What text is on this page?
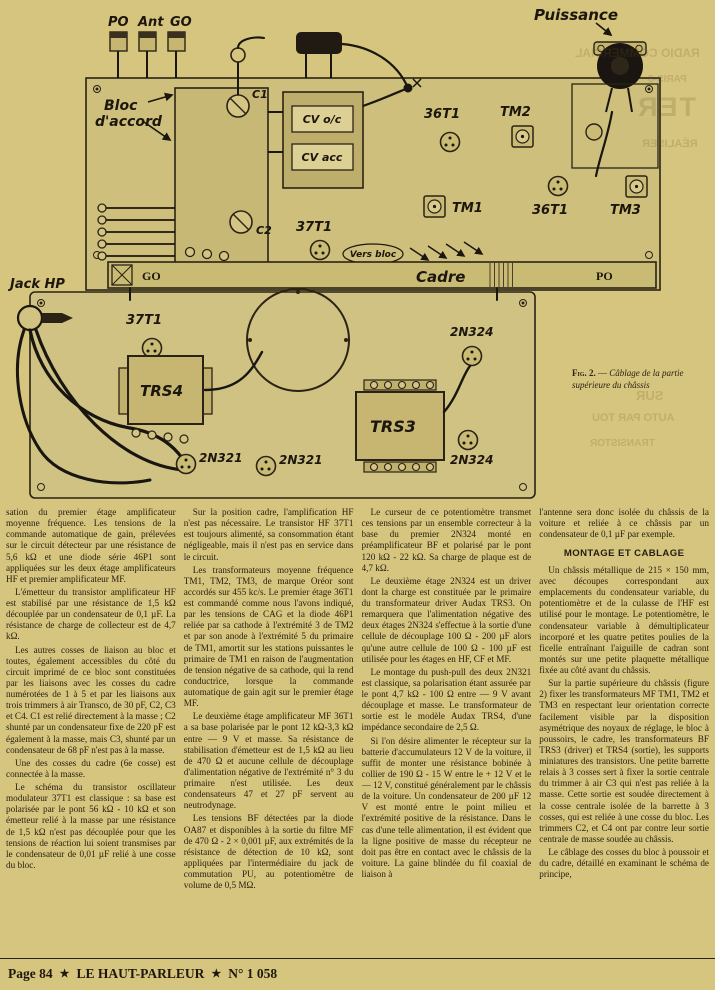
PO Ant GO	Puissance
Bloc
d'accord
C1
C2
CV o/c
CV acc
36T1	TM2
TM1	36T1	TM3
37T1
Vers bloc
GO	Cadre	PO
Jack HP
37T1
TRS4
2N321	2N321
TRS3
2N324
2N324
Fig. 2. — Câblage de la partie supérieure du châssis
RADIO COMMERCIAL
TER
PARIS-8
RÉALISER
SUR
AUTO PAR TOU
TRANSISTOR

sation du premier étage amplificateur moyenne fréquence. Les tensions de la commande automatique de gain, prélevées sur le circuit détecteur par une résistance de 5,6 kΩ et une diode série 46P1 sont appliquées sur les deux étage amplificateurs HF et premier amplificateur MF.

L'émetteur du transistor amplificateur HF est stabilisé par une résistance de 1,5 kΩ découplée par un condensateur de 0,1 µF. La résistance de charge de collecteur est de 4,7 kΩ.

Les autres cosses de liaison au bloc et toutes, également accessibles du côté du circuit imprimé de ce bloc sont constituées par les liaisons avec les cosses du cadre numérotées de 1 à 5 et par les liaisons aux trois trimmers à air Transco, de 30 pF, C2, C3 et C4. C1 est relié directement à la masse ; C2 shunté par un condensateur fixe de 220 pF est également à la masse, mais C3, shunté par un condensateur de 68 pF n'est pas à la masse.

Une des cosses du cadre (6e cosse) est connectée à la masse.

Le schéma du transistor oscillateur modulateur 37T1 est classique : sa base est polarisée par le pont 56 kΩ - 10 kΩ et son émetteur relié à la masse par une résistance de 1,5 kΩ n'est pas découplée pour que les tensions de réaction lui soient transmises par le condensateur de 0,01 µF relié à une cosse du bloc.

Sur la position cadre, l'amplification HF n'est pas nécessaire. Le transistor HF 37T1 est toujours alimenté, sa consommation étant négligeable, mais il n'est pas en service dans le circuit.

Les transformateurs moyenne fréquence TM1, TM2, TM3, de marque Oréor sont accordés sur 455 kc/s. Le premier étage 36T1 est commandé comme nous l'avons indiqué, par les tensions de CAG et la diode 46P1 reliée par sa cathode à l'extrémité 3 de TM2 et par son anode à l'extrémité 5 du primaire de TM1, amortit sur les stations puissantes le primaire de TM1 en raison de l'augmentation de tension négative de sa cathode, qui la rend conductrice, lorsque la commande automatique de gain agit sur le premier étage MF.

Le deuxième étage amplificateur MF 36T1 a sa base polarisée par le pont 12 kΩ-3,3 kΩ entre — 9 V et masse. Sa résistance de stabilisation d'émetteur est de 1,5 kΩ au lieu de 470 Ω et aucune cellule de découplage d'alimentation négative de l'extrémité n° 3 du primaire n'est utilisée. Les deux condensateurs 47 et 27 pF servent au neutrodynage.

Les tensions BF détectées par la diode OA87 et disponibles à la sortie du filtre MF de 470 Ω - 2 × 0,001 µF, aux extrémités de la résistance de détection de 10 kΩ, sont appliquées par l'intermédiaire du jack de commutation PU, au potentiomètre de volume de 0,5 MΩ.

Le curseur de ce potentiomètre transmet ces tensions par un ensemble correcteur à la base du premier 2N324 monté en préamplificateur BF et polarisé par le pont 120 kΩ - 22 kΩ. Sa charge de plaque est de 4,7 kΩ.

Le deuxième étage 2N324 est un driver dont la charge est constituée par le primaire du transformateur driver Audax TRS3. On remarquera que l'alimentation négative des deux étages 2N324 s'effectue à la sortie d'une cellule de découplage 100 Ω - 200 µF alors qu'une autre cellule de 100 Ω - 100 µF est utilisée pour les étages en HF, CF et MF.

Le montage du push-pull des deux 2N321 est classique, sa polarisation étant assurée par le pont 4,7 kΩ - 100 Ω entre — 9 V avant découplage et masse. Le transformateur de sortie est le modèle Audax TRS4, d'une impédance secondaire de 2,5 Ω.

Si l'on désire alimenter le récepteur sur la batterie d'accumulateurs 12 V de la voiture, il suffit de monter une résistance bobinée à collier de 190 Ω - 15 W entre le + 12 V et le — 12 V, constitué généralement par le châssis de la voiture. Un condensateur de 200 µF 12 V est monté entre le point milieu et l'extrémité positive de la résistance. Dans le cas d'une telle alimentation, il est évident que la ligne positive de masse du récepteur ne doit pas être en contact avec le châssis de la voiture. La gaine blindée du fil coaxial de liaison à

l'antenne sera donc isolée du châssis de la voiture et reliée à ce châssis par un condensateur de 0,1 µF par exemple.

MONTAGE ET CABLAGE

Un châssis métallique de 215 × 150 mm, avec découpes correspondant aux emplacements du condensateur variable, du potentiomètre et de la culasse de l'HF est utilisé pour le montage. Le potentiomètre, le condensateur variable à démultiplicateur incorporé et les quatre petites poulies de la ficelle entraînant l'aiguille de cadran sont montés sur une petite plaquette métallique fixée au côté avant du châssis.

Sur la partie supérieure du châssis (figure 2) fixer les transformateurs MF TM1, TM2 et TM3 en respectant leur orientation correcte facilement visible par la disposition asymétrique des noyaux de réglage, le bloc à poussoirs, le cadre, les transformateurs BF TRS3 (driver) et TRS4 (sortie), les supports miniatures des transistors. Une petite barrette relais à 3 cosses sert à fixer la sortie centrale du trimmer à air C3 qui n'est pas reliée à la masse. Cette sortie est soudée directement à la cosse centrale isolée de la barrette à 3 cosses, qui est reliée à une cosse du bloc. Les trimmers C2, et C4 ont par contre leur sortie centrale de masse soudée au châssis.

Le câblage des cosses du bloc à poussoir et du cadre, détaillé en examinant le schéma de principe,

Page 84 ★ LE HAUT-PARLEUR ★ N° 1 058
